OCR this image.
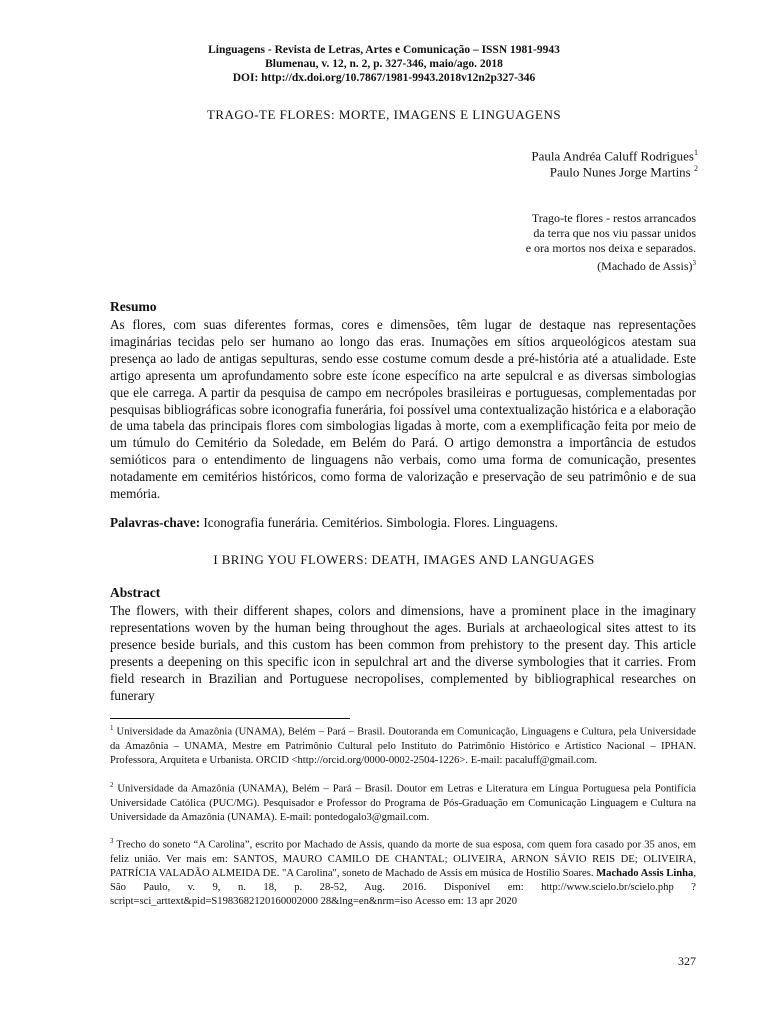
Linguagens - Revista de Letras, Artes e Comunicação – ISSN 1981-9943
Blumenau, v. 12, n. 2, p. 327-346, maio/ago. 2018
DOI: http://dx.doi.org/10.7867/1981-9943.2018v12n2p327-346
TRAGO-TE FLORES: MORTE, IMAGENS E LINGUAGENS
Paula Andréa Caluff Rodrigues$^1$
Paulo Nunes Jorge Martins $^2$
Trago-te flores - restos arrancados
da terra que nos viu passar unidos
e ora mortos nos deixa e separados.
(Machado de Assis)$^3$
Resumo
As flores, com suas diferentes formas, cores e dimensões, têm lugar de destaque nas representações imaginárias tecidas pelo ser humano ao longo das eras. Inumações em sítios arqueológicos atestam sua presença ao lado de antigas sepulturas, sendo esse costume comum desde a pré-história até a atualidade. Este artigo apresenta um aprofundamento sobre este ícone específico na arte sepulcral e as diversas simbologias que ele carrega. A partir da pesquisa de campo em necrópoles brasileiras e portuguesas, complementadas por pesquisas bibliográficas sobre iconografia funerária, foi possível uma contextualização histórica e a elaboração de uma tabela das principais flores com simbologias ligadas à morte, com a exemplificação feita por meio de um túmulo do Cemitério da Soledade, em Belém do Pará. O artigo demonstra a importância de estudos semióticos para o entendimento de linguagens não verbais, como uma forma de comunicação, presentes notadamente em cemitérios históricos, como forma de valorização e preservação de seu patrimônio e de sua memória.
Palavras-chave: Iconografia funerária. Cemitérios. Simbologia. Flores. Linguagens.
I BRING YOU FLOWERS: DEATH, IMAGES AND LANGUAGES
Abstract
The flowers, with their different shapes, colors and dimensions, have a prominent place in the imaginary representations woven by the human being throughout the ages. Burials at archaeological sites attest to its presence beside burials, and this custom has been common from prehistory to the present day. This article presents a deepening on this specific icon in sepulchral art and the diverse symbologies that it carries. From field research in Brazilian and Portuguese necropolises, complemented by bibliographical researches on funerary
$^1$ Universidade da Amazônia (UNAMA), Belém – Pará – Brasil. Doutoranda em Comunicação, Linguagens e Cultura, pela Universidade da Amazônia – UNAMA, Mestre em Patrimônio Cultural pelo Instituto do Patrimônio Histórico e Artístico Nacional – IPHAN. Professora, Arquiteta e Urbanista. ORCID <http://orcid.org/0000-0002-2504-1226>. E-mail: pacaluff@gmail.com.
$^2$ Universidade da Amazônia (UNAMA), Belém – Pará – Brasil. Doutor em Letras e Literatura em Língua Portuguesa pela Pontifícia Universidade Católica (PUC/MG). Pesquisador e Professor do Programa de Pós-Graduação em Comunicação Linguagem e Cultura na Universidade da Amazônia (UNAMA). E-mail: pontedogalo3@gmail.com.
$^3$ Trecho do soneto “A Carolina”, escrito por Machado de Assis, quando da morte de sua esposa, com quem fora casado por 35 anos, em feliz união. Ver mais em: SANTOS, MAURO CAMILO DE CHANTAL; OLIVEIRA, ARNON SÁVIO REIS DE; OLIVEIRA, PATRÍCIA VALADÃO ALMEIDA DE. "A Carolina", soneto de Machado de Assis em música de Hostílio Soares. Machado Assis Linha, São Paulo, v. 9, n. 18, p. 28-52, Aug. 2016. Disponível em: http://www.scielo.br/scielo.php ?script=sci_arttext&pid=S1983682120160002000 28&lng=en&nrm=iso Acesso em: 13 apr 2020
327
